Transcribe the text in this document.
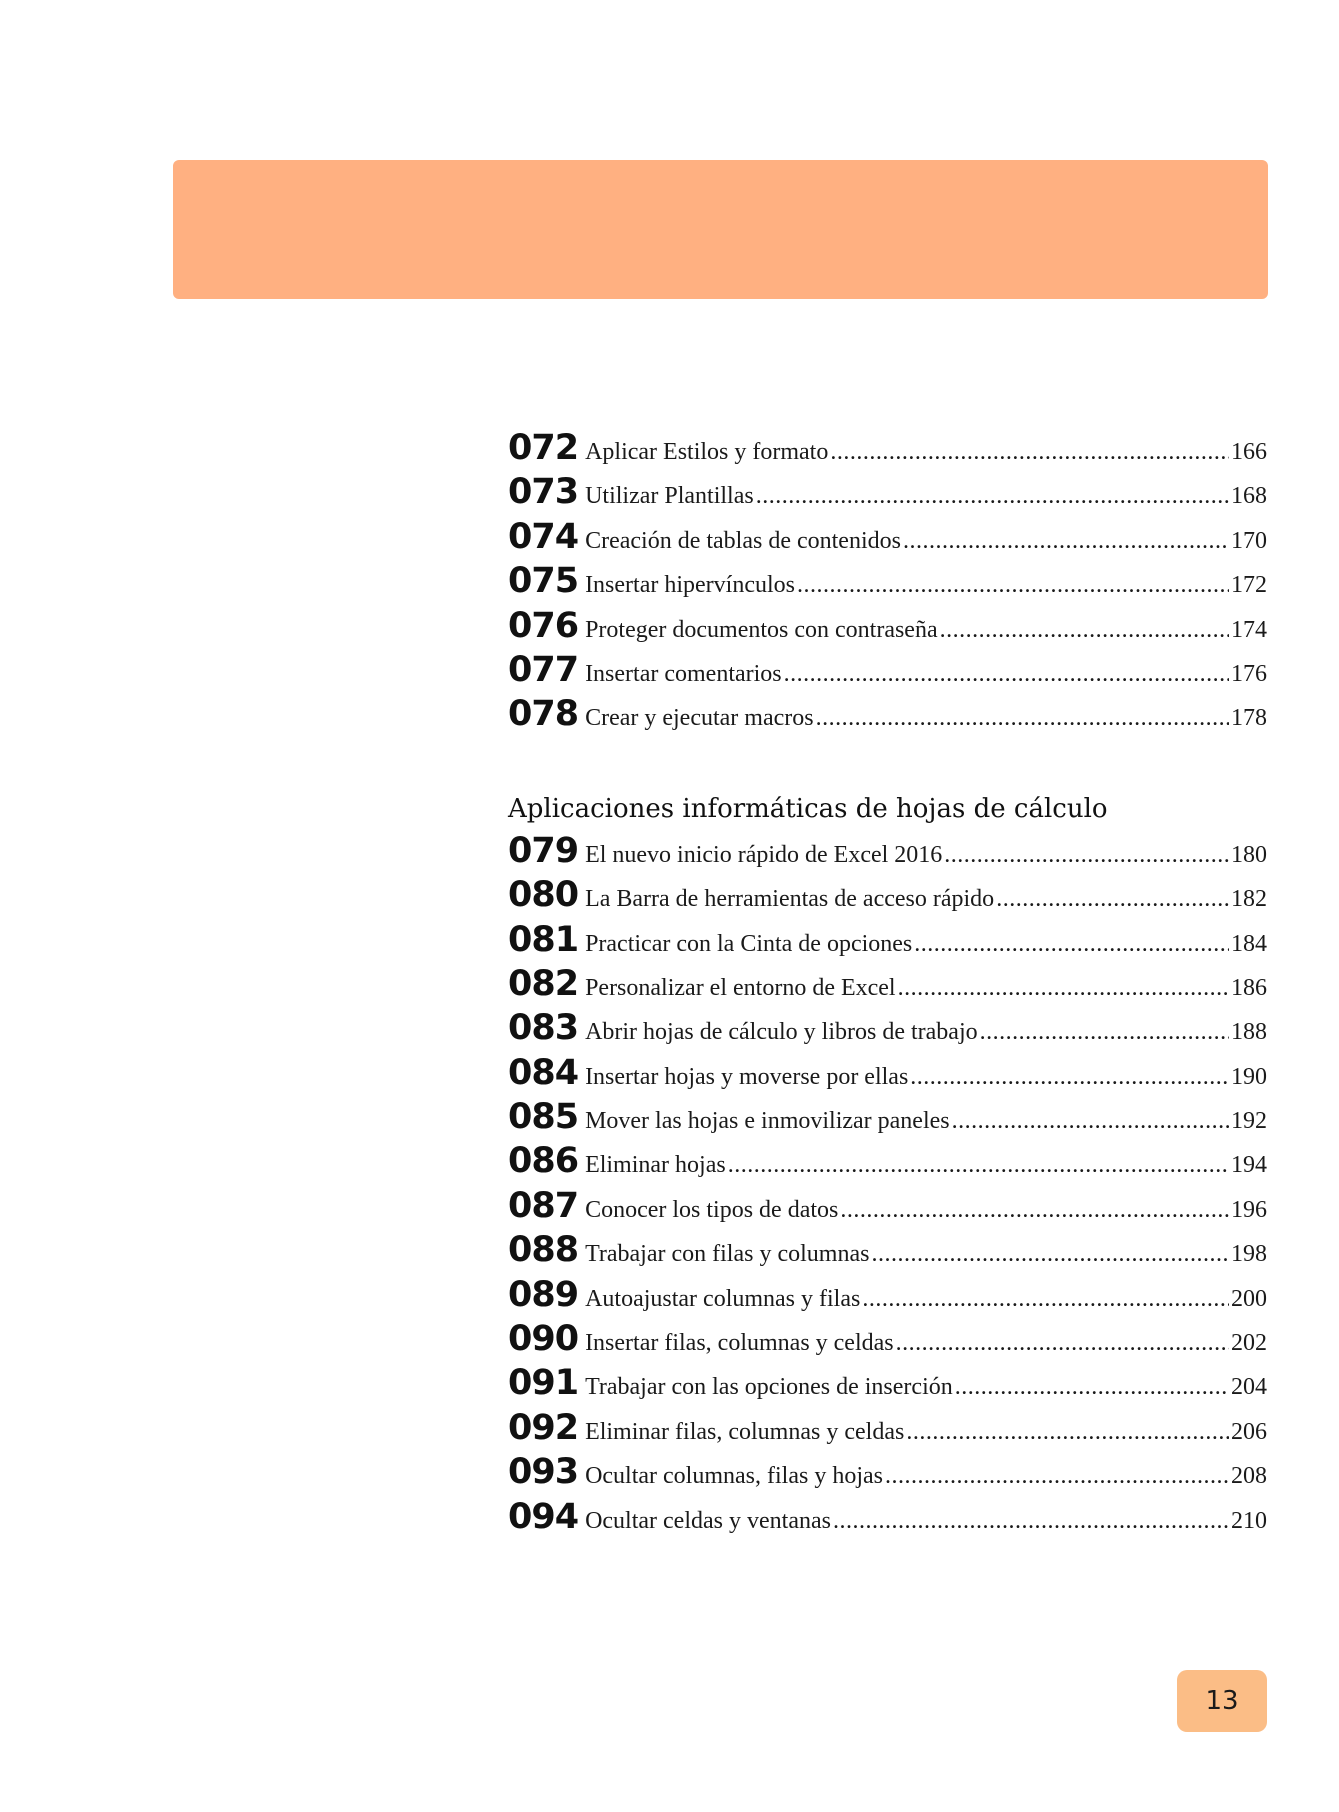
072 Aplicar Estilos y formato .....	166
073 Utilizar Plantillas .....	168
074 Creación de tablas de contenidos .....	170
075 Insertar hipervínculos .....	172
076 Proteger documentos con contraseña .....	174
077 Insertar comentarios .....	176
078 Crear y ejecutar macros .....	178
Aplicaciones informáticas de hojas de cálculo
079 El nuevo inicio rápido de Excel 2016 .....	180
080 La Barra de herramientas de acceso rápido .....	182
081 Practicar con la Cinta de opciones .....	184
082 Personalizar el entorno de Excel .....	186
083 Abrir hojas de cálculo y libros de trabajo .....	188
084 Insertar hojas y moverse por ellas .....	190
085 Mover las hojas e inmovilizar paneles .....	192
086 Eliminar hojas .....	194
087 Conocer los tipos de datos .....	196
088 Trabajar con filas y columnas .....	198
089 Autoajustar columnas y filas .....	200
090 Insertar filas, columnas y celdas .....	202
091 Trabajar con las opciones de inserción .....	204
092 Eliminar filas, columnas y celdas .....	206
093 Ocultar columnas, filas y hojas .....	208
094 Ocultar celdas y ventanas .....	210
13
